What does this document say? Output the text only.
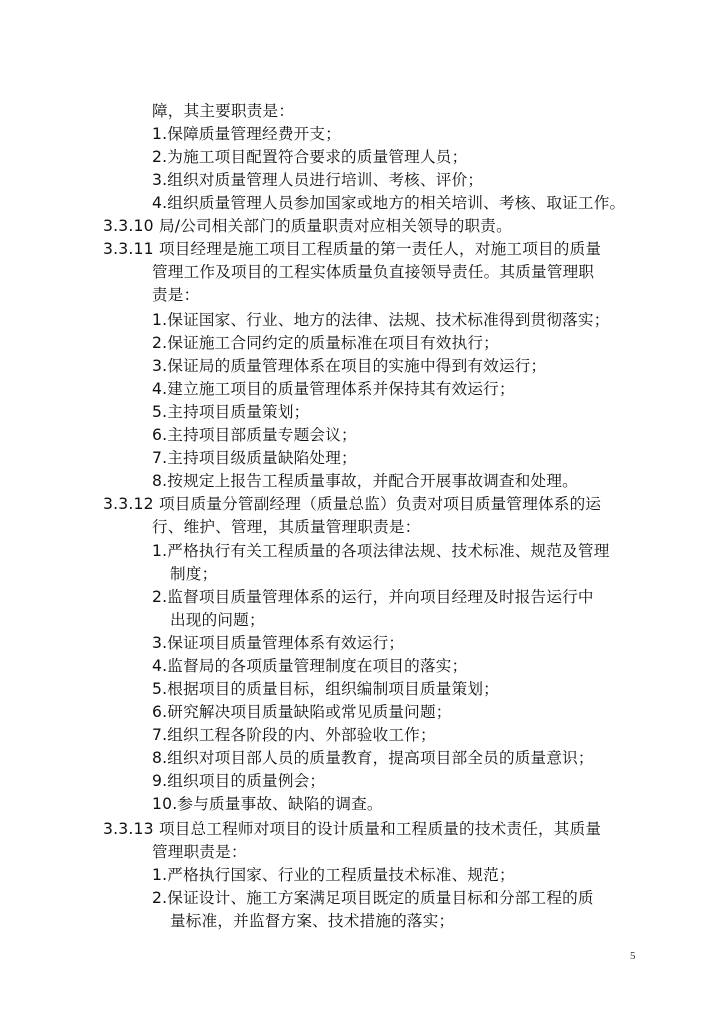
障，其主要职责是：
1.保障质量管理经费开支；
2.为施工项目配置符合要求的质量管理人员；
3.组织对质量管理人员进行培训、考核、评价；
4.组织质量管理人员参加国家或地方的相关培训、考核、取证工作。
3.3.10 局/公司相关部门的质量职责对应相关领导的职责。
3.3.11 项目经理是施工项目工程质量的第一责任人，对施工项目的质量
管理工作及项目的工程实体质量负直接领导责任。其质量管理职
责是：
1.保证国家、行业、地方的法律、法规、技术标准得到贯彻落实；
2.保证施工合同约定的质量标准在项目有效执行；
3.保证局的质量管理体系在项目的实施中得到有效运行；
4.建立施工项目的质量管理体系并保持其有效运行；
5.主持项目质量策划；
6.主持项目部质量专题会议；
7.主持项目级质量缺陷处理；
8.按规定上报告工程质量事故，并配合开展事故调查和处理。
3.3.12 项目质量分管副经理（质量总监）负责对项目质量管理体系的运
行、维护、管理，其质量管理职责是：
1.严格执行有关工程质量的各项法律法规、技术标准、规范及管理
制度；
2.监督项目质量管理体系的运行，并向项目经理及时报告运行中
出现的问题；
3.保证项目质量管理体系有效运行；
4.监督局的各项质量管理制度在项目的落实；
5.根据项目的质量目标，组织编制项目质量策划；
6.研究解决项目质量缺陷或常见质量问题；
7.组织工程各阶段的内、外部验收工作；
8.组织对项目部人员的质量教育，提高项目部全员的质量意识；
9.组织项目的质量例会；
10.参与质量事故、缺陷的调查。
3.3.13 项目总工程师对项目的设计质量和工程质量的技术责任，其质量
管理职责是：
1.严格执行国家、行业的工程质量技术标准、规范；
2.保证设计、施工方案满足项目既定的质量目标和分部工程的质
量标准，并监督方案、技术措施的落实；
5
